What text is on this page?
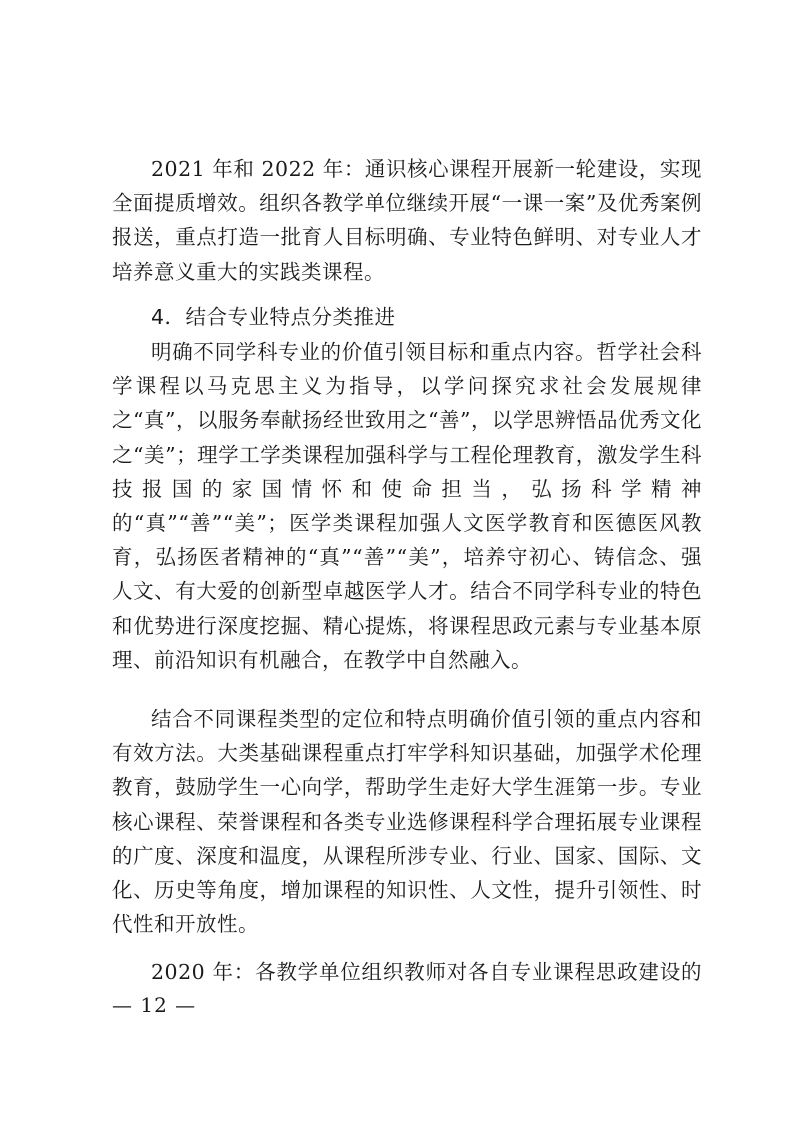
2021 年和 2022 年：通识核心课程开展新一轮建设，实现全面提质增效。组织各教学单位继续开展“一课一案”及优秀案例报送，重点打造一批育人目标明确、专业特色鲜明、对专业人才培养意义重大的实践类课程。

4．结合专业特点分类推进

明确不同学科专业的价值引领目标和重点内容。哲学社会科学课程以马克思主义为指导，以学问探究求社会发展规律之“真”，以服务奉献扬经世致用之“善”，以学思辨悟品优秀文化之“美”；理学工学类课程加强科学与工程伦理教育，激发学生科技报国的家国情怀和使命担当，弘扬科学精神的“真”“善”“美”；医学类课程加强人文医学教育和医德医风教育，弘扬医者精神的“真”“善”“美”，培养守初心、铸信念、强人文、有大爱的创新型卓越医学人才。结合不同学科专业的特色和优势进行深度挖掘、精心提炼，将课程思政元素与专业基本原理、前沿知识有机融合，在教学中自然融入。

结合不同课程类型的定位和特点明确价值引领的重点内容和有效方法。大类基础课程重点打牢学科知识基础，加强学术伦理教育，鼓励学生一心向学，帮助学生走好大学生涯第一步。专业核心课程、荣誉课程和各类专业选修课程科学合理拓展专业课程的广度、深度和温度，从课程所涉专业、行业、国家、国际、文化、历史等角度，增加课程的知识性、人文性，提升引领性、时代性和开放性。

2020 年：各教学单位组织教师对各自专业课程思政建设的

— 12 —
